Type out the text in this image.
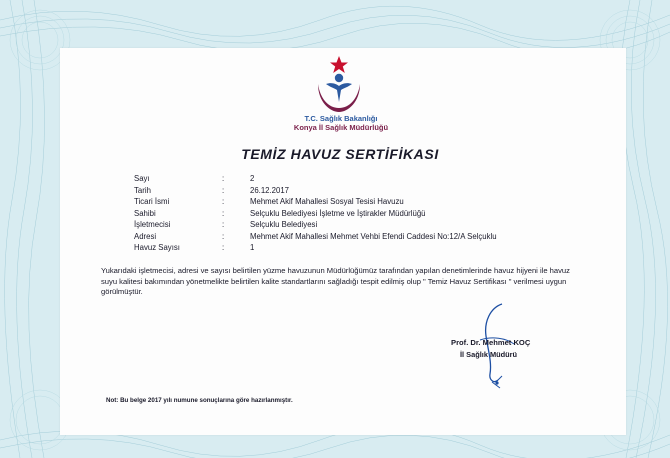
T.C. Sağlık Bakanlığı
Konya İl Sağlık Müdürlüğü
TEMİZ HAVUZ SERTİFİKASI
Sayı	:	2
Tarih	:	26.12.2017
Ticari İsmi	:	Mehmet Akif Mahallesi Sosyal Tesisi Havuzu
Sahibi	:	Selçuklu Belediyesi İşletme ve İştirakler Müdürlüğü
İşletmecisi	:	Selçuklu Belediyesi
Adresi	:	Mehmet Akif Mahallesi Mehmet Vehbi Efendi Caddesi No:12/A Selçuklu
Havuz Sayısı	:	1
Yukarıdaki işletmecisi, adresi ve sayısı belirtilen yüzme havuzunun Müdürlüğümüz tarafından yapılan denetimlerinde havuz hijyeni ile havuz suyu kalitesi bakımından yönetmelikte belirtilen kalite standartlarını sağladığı tespit edilmiş olup " Temiz Havuz Sertifikası " verilmesi uygun görülmüştür.
Prof. Dr. Mehmet KOÇ
İl Sağlık Müdürü
Not: Bu belge 2017 yılı numune sonuçlarına göre hazırlanmıştır.
